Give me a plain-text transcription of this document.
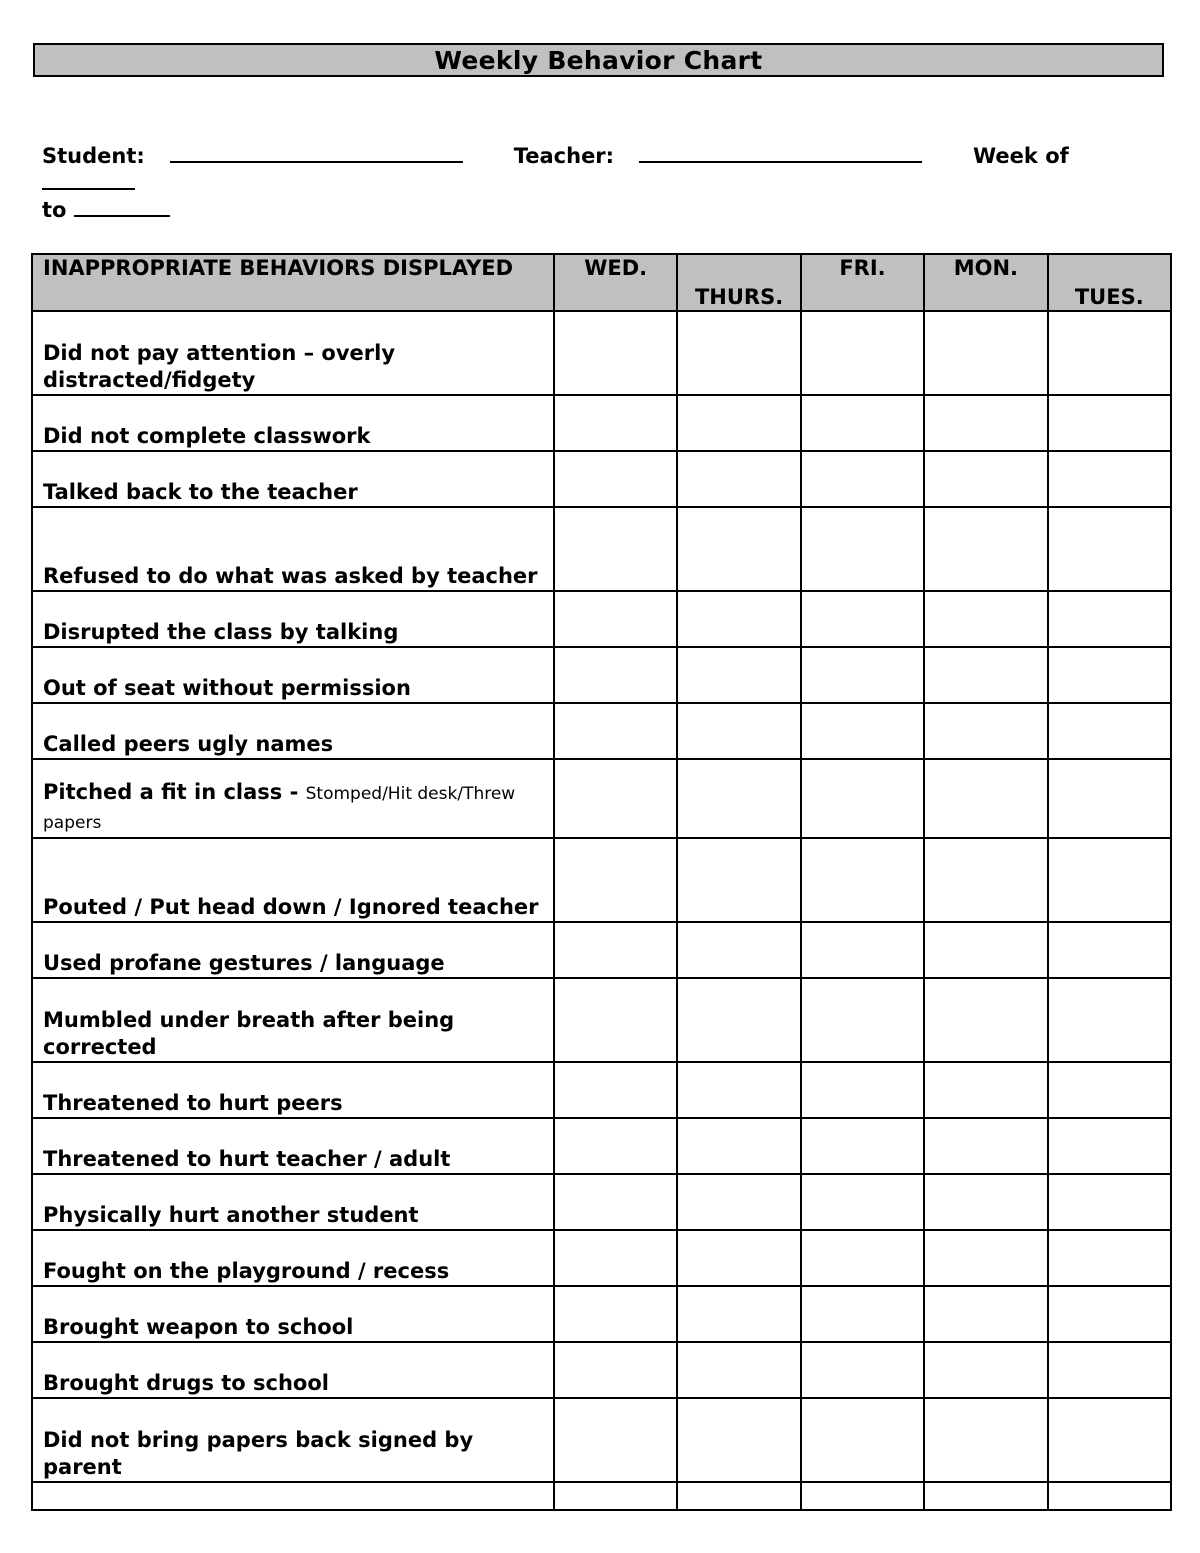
Weekly Behavior Chart
Student:	Teacher:	Week of
to
INAPPROPRIATE BEHAVIORS DISPLAYED	WED.	THURS.	FRI.	MON.	TUES.
Did not pay attention – overly distracted/fidgety					
Did not complete classwork					
Talked back to the teacher					
Refused to do what was asked by teacher					
Disrupted the class by talking					
Out of seat without permission					
Called peers ugly names					
Pitched a fit in class - Stomped/Hit desk/Threw papers					
Pouted / Put head down / Ignored teacher					
Used profane gestures / language					
Mumbled under breath after being corrected					
Threatened to hurt peers					
Threatened to hurt teacher / adult					
Physically hurt another student					
Fought on the playground / recess					
Brought weapon to school					
Brought drugs to school					
Did not bring papers back signed by parent					
